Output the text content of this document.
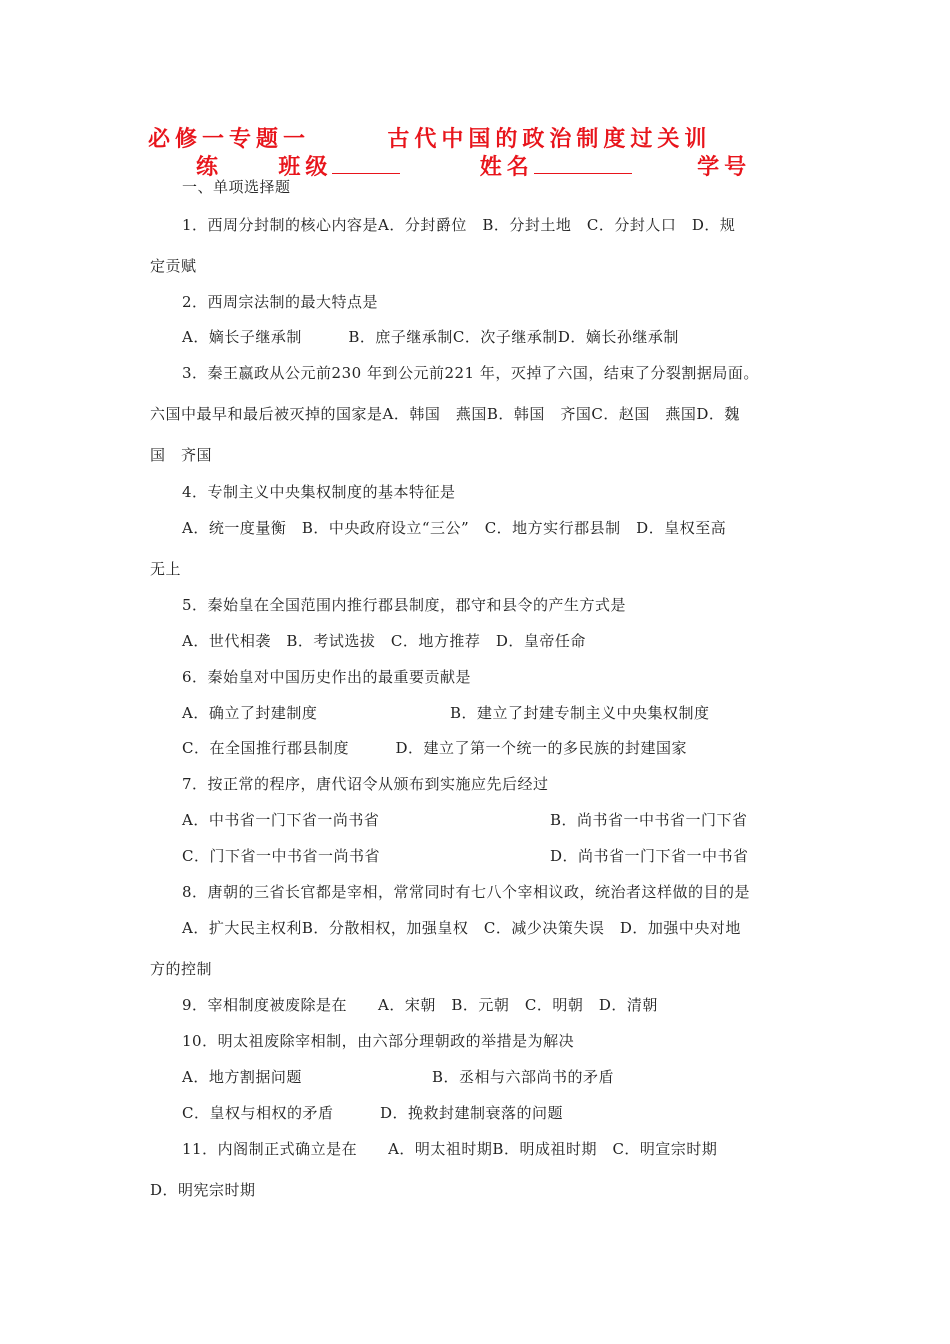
必修一专题一	古代中国的政治制度过关训
练	班级	姓名	学号
一、单项选择题
1．西周分封制的核心内容是A．分封爵位　B．分封土地　C．分封人口　D．规
定贡赋
2．西周宗法制的最大特点是
A．嫡长子继承制　　　B．庶子继承制C．次子继承制D．嫡长孙继承制
3．秦王嬴政从公元前230 年到公元前221 年，灭掉了六国，结束了分裂割据局面。
六国中最早和最后被灭掉的国家是A．韩国　燕国B．韩国　齐国C．赵国　燕国D．魏
国　齐国
4．专制主义中央集权制度的基本特征是
A．统一度量衡　B．中央政府设立“三公”　C．地方实行郡县制　D．皇权至高
无上
5．秦始皇在全国范围内推行郡县制度，郡守和县令的产生方式是
A．世代相袭　B．考试选拔　C．地方推荐　D．皇帝任命
6．秦始皇对中国历史作出的最重要贡献是
A．确立了封建制度	B．建立了封建专制主义中央集权制度
C．在全国推行郡县制度　　　D．建立了第一个统一的多民族的封建国家
7．按正常的程序，唐代诏令从颁布到实施应先后经过
A．中书省一门下省一尚书省	B．尚书省一中书省一门下省
C．门下省一中书省一尚书省	D．尚书省一门下省一中书省
8．唐朝的三省长官都是宰相，常常同时有七八个宰相议政，统治者这样做的目的是
A．扩大民主权利B．分散相权，加强皇权　C．减少决策失误　D．加强中央对地
方的控制
9．宰相制度被废除是在　　A．宋朝　B．元朝　C．明朝　D．清朝
10．明太祖废除宰相制，由六部分理朝政的举措是为解决
A．地方割据问题	B．丞相与六部尚书的矛盾
C．皇权与相权的矛盾　　　D．挽救封建制衰落的问题
11．内阁制正式确立是在　　A．明太祖时期B．明成祖时期　C．明宣宗时期
D．明宪宗时期
